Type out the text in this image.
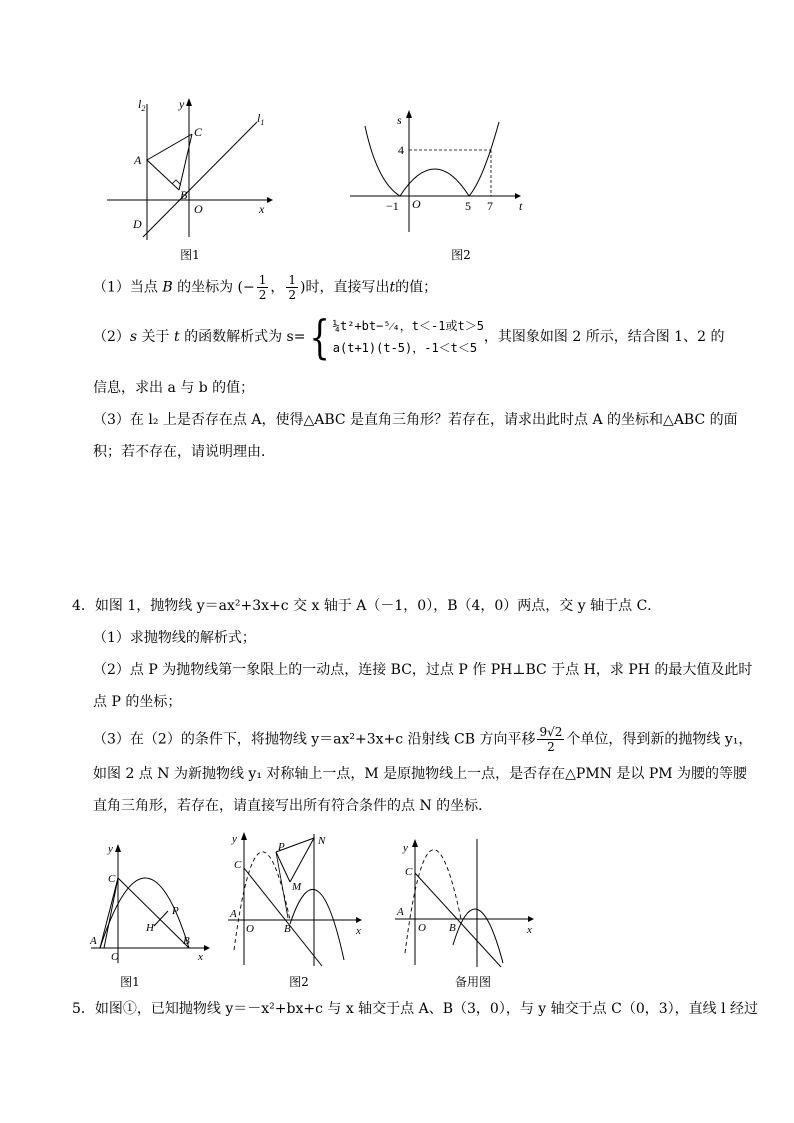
$l_2$	y
$l_1$
C
A
B
O	x
D
图1
s
4
−1 O	5 7 t
图2
（1）当点 B 的坐标为 (− $\frac{1}{2}$ ， $\frac{1}{2}$ )时，直接写出t的值；
（2）s 关于 t 的函数解析式为 s= { ¼t²+bt−⁵⁄₄，t＜-1或t＞5
a(t+1)(t-5)，-1＜t＜5
，其图象如图 2 所示，结合图 1、2 的
信息，求出 a 与 b 的值；
（3）在 l₂ 上是否存在点 A，使得△ABC 是直角三角形？若存在，请求出此时点 A 的坐标和△ABC 的面
积；若不存在，请说明理由．
4．如图 1，抛物线 y＝ax²+3x+c 交 x 轴于 A（－1，0），B（4，0）两点，交 y 轴于点 C．
（1）求抛物线的解析式；
（2）点 P 为抛物线第一象限上的一动点，连接 BC，过点 P 作 PH⊥BC 于点 H，求 PH 的最大值及此时
点 P 的坐标；
（3）在（2）的条件下，将抛物线 y＝ax²+3x+c 沿射线 CB 方向平移 $\frac{9√2}{2}$ 个单位，得到新的抛物线 y₁，
如图 2 点 N 为新抛物线 y₁ 对称轴上一点，M 是原抛物线上一点，是否存在△PMN 是以 PM 为腰的等腰
直角三角形，若存在，请直接写出所有符合条件的点 N 的坐标．
y
C
P
H
A
O
B
x
图1
y
P	N
C
M
A
O	B	x
图2
y
C
A
O B	x
备用图
5．如图①，已知抛物线 y＝－x²+bx+c 与 x 轴交于点 A、B（3，0），与 y 轴交于点 C（0，3），直线 l 经过
